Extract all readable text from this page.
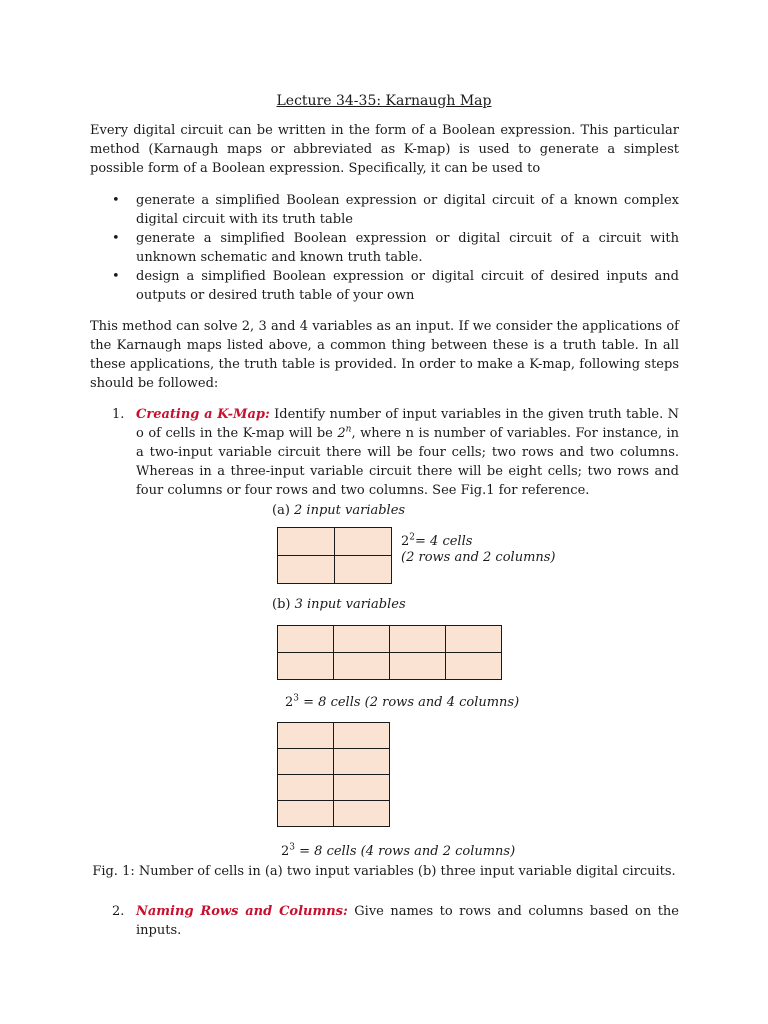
Lecture 34-35: Karnaugh Map

Every digital circuit can be written in the form of a Boolean expression. This particular method (Karnaugh maps or abbreviated as K-map) is used to generate a simplest possible form of a Boolean expression. Specifically, it can be used to

• generate a simplified Boolean expression or digital circuit of a known complex digital circuit with its truth table
• generate a simplified Boolean expression or digital circuit of a circuit with unknown schematic and known truth table.
• design a simplified Boolean expression or digital circuit of desired inputs and outputs or desired truth table of your own

This method can solve 2, 3 and 4 variables as an input. If we consider the applications of the Karnaugh maps listed above, a common thing between these is a truth table. In all these applications, the truth table is provided. In order to make a K-map, following steps should be followed:

1. Creating a K-Map: Identify number of input variables in the given truth table. N o of cells in the K-map will be 2$^n$, where n is number of variables. For instance, in a two-input variable circuit there will be four cells; two rows and two columns. Whereas in a three-input variable circuit there will be eight cells; two rows and four columns or four rows and two columns. See Fig.1 for reference.
(a) 2 input variables

$2^2= 4$ cells
(2 rows and 2 columns)
(b) 3 input variables

$2^3 = 8$ cells (2 rows and 4 columns)

$2^3 = 8$ cells (4 rows and 2 columns)
Fig. 1: Number of cells in (a) two input variables (b) three input variable digital circuits.
2. Naming Rows and Columns: Give names to rows and columns based on the inputs.
